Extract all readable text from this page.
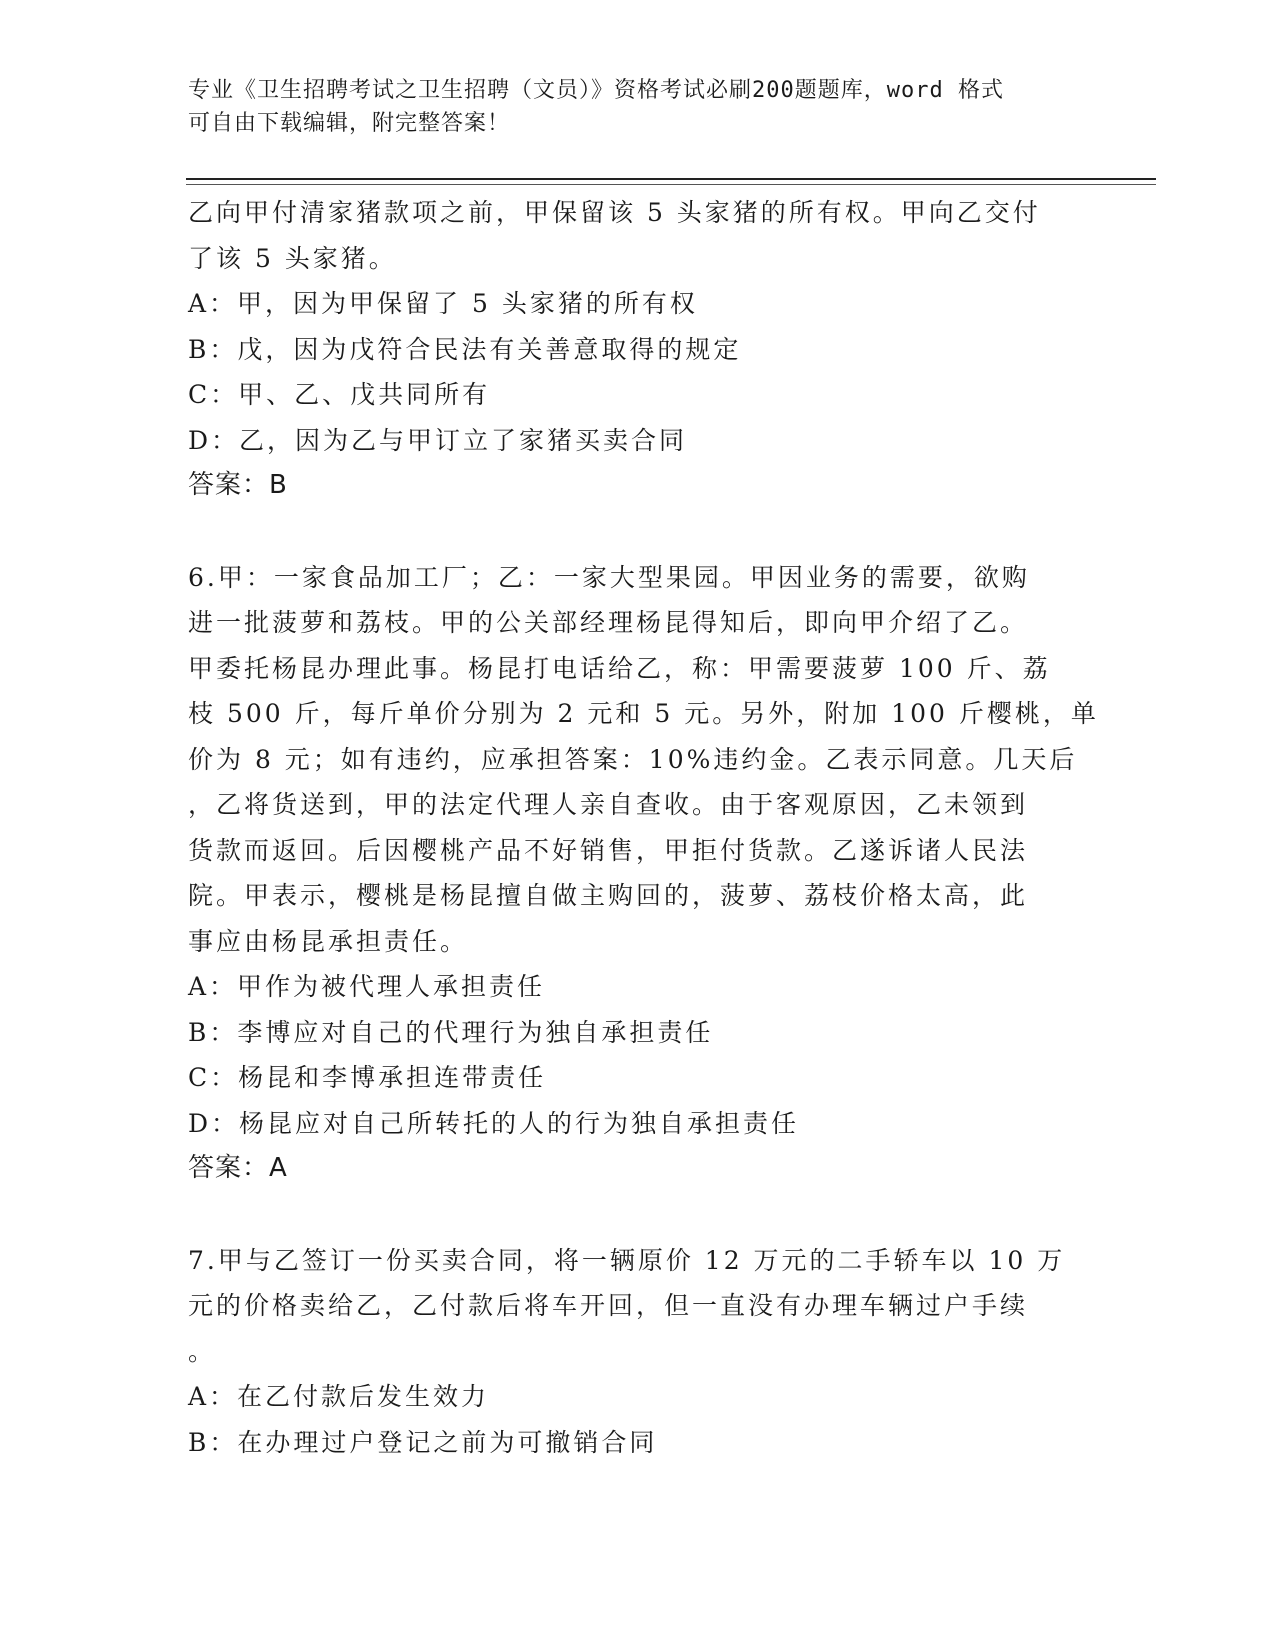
专业《卫生招聘考试之卫生招聘（文员）》资格考试必刷200题题库，word 格式
可自由下载编辑，附完整答案！
乙向甲付清家猪款项之前，甲保留该 5 头家猪的所有权。甲向乙交付
了该 5 头家猪。
A：甲，因为甲保留了 5 头家猪的所有权
B：戊，因为戊符合民法有关善意取得的规定
C：甲、乙、戊共同所有
D：乙，因为乙与甲订立了家猪买卖合同
答案：B
6.甲：一家食品加工厂；乙：一家大型果园。甲因业务的需要，欲购
进一批菠萝和荔枝。甲的公关部经理杨昆得知后，即向甲介绍了乙。
甲委托杨昆办理此事。杨昆打电话给乙，称：甲需要菠萝 100 斤、荔
枝 500 斤，每斤单价分别为 2 元和 5 元。另外，附加 100 斤樱桃，单
价为 8 元；如有违约，应承担答案：10%违约金。乙表示同意。几天后
，乙将货送到，甲的法定代理人亲自查收。由于客观原因，乙未领到
货款而返回。后因樱桃产品不好销售，甲拒付货款。乙遂诉诸人民法
院。甲表示，樱桃是杨昆擅自做主购回的，菠萝、荔枝价格太高，此
事应由杨昆承担责任。
A：甲作为被代理人承担责任
B：李博应对自己的代理行为独自承担责任
C：杨昆和李博承担连带责任
D：杨昆应对自己所转托的人的行为独自承担责任
答案：A
7.甲与乙签订一份买卖合同，将一辆原价 12 万元的二手轿车以 10 万
元的价格卖给乙，乙付款后将车开回，但一直没有办理车辆过户手续
。
A：在乙付款后发生效力
B：在办理过户登记之前为可撤销合同
